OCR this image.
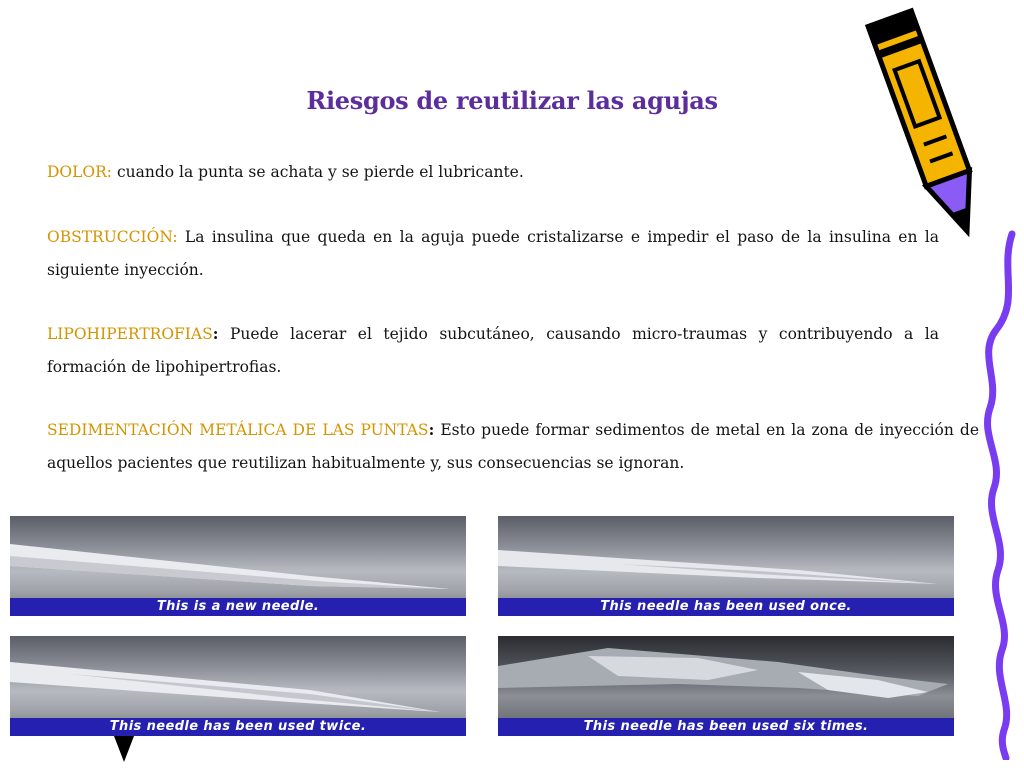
Riesgos de reutilizar las agujas
DOLOR: cuando la punta se achata y se pierde el lubricante.
OBSTRUCCIÓN: La insulina que queda en la aguja puede cristalizarse e impedir el paso de la insulina en la siguiente inyección.
LIPOHIPERTROFIAS: Puede lacerar el tejido subcutáneo, causando micro-traumas y contribuyendo a la formación de lipohipertrofias.
SEDIMENTACIÓN METÁLICA DE LAS PUNTAS: Esto puede formar sedimentos de metal en la zona de inyección de aquellos pacientes que reutilizan habitualmente y, sus consecuencias se ignoran.
This is a new needle.	This needle has been used once.
This needle has been used twice.	This needle has been used six times.
